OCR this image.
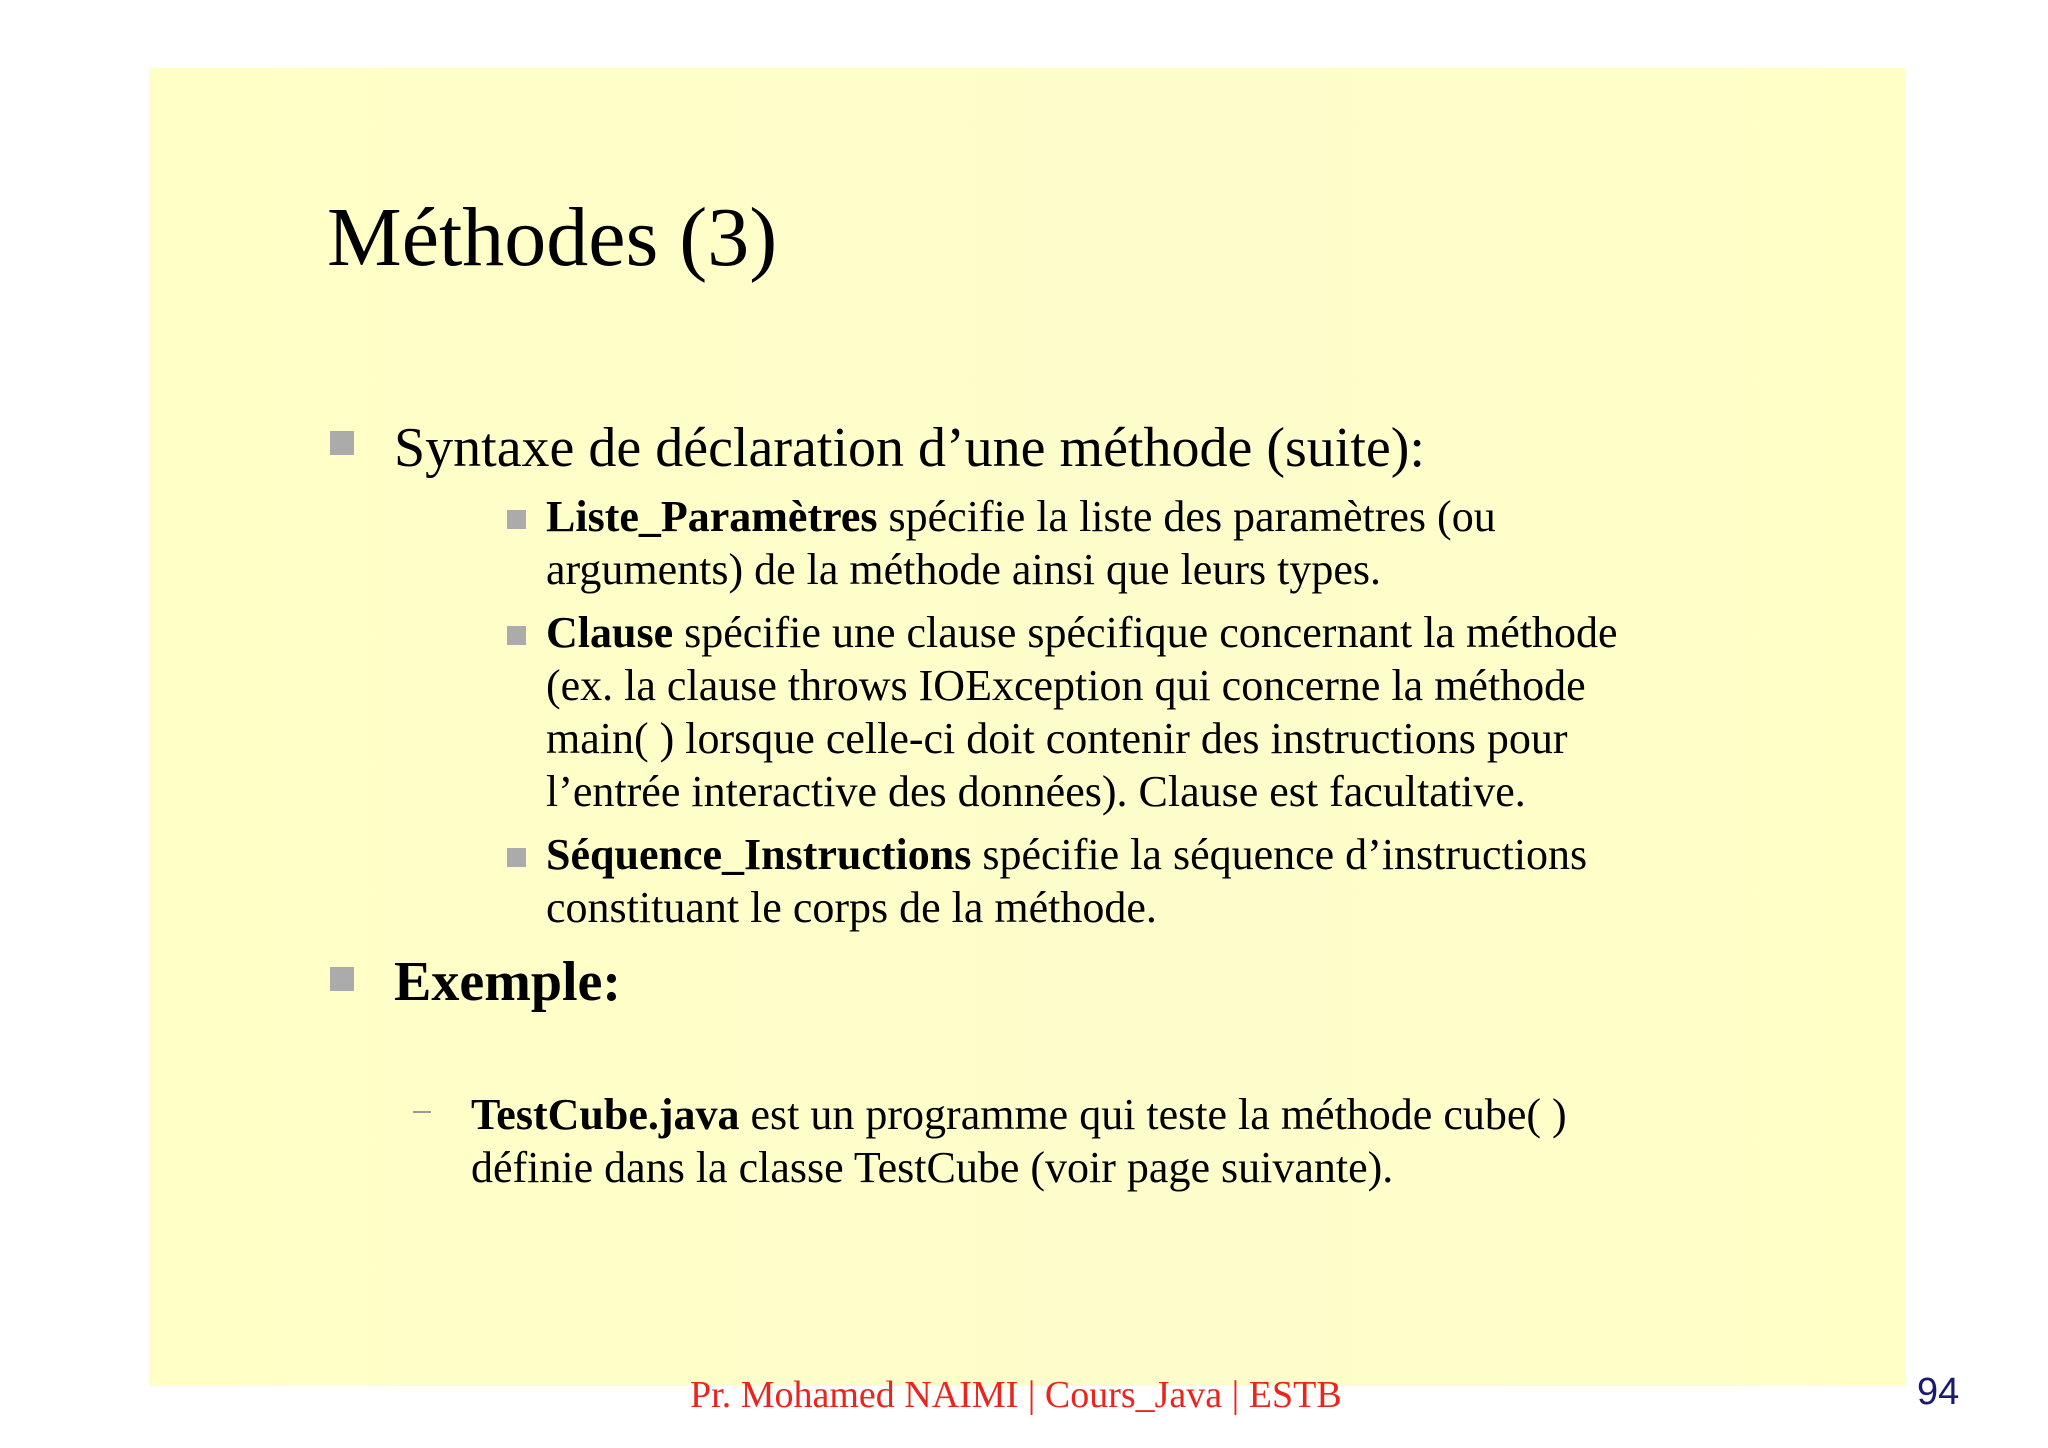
Méthodes (3)
Syntaxe de déclaration d’une méthode (suite):
Liste_Paramètres spécifie la liste des paramètres (ou
arguments) de la méthode ainsi que leurs types.
Clause spécifie une clause spécifique concernant la méthode
(ex. la clause throws IOException qui concerne la méthode
main( ) lorsque celle-ci doit contenir des instructions pour
l’entrée interactive des données). Clause est facultative.
Séquence_Instructions spécifie la séquence d’instructions
constituant le corps de la méthode.
Exemple:
TestCube.java est un programme qui teste la méthode cube( )
définie dans la classe TestCube (voir page suivante).
Pr. Mohamed NAIMI | Cours_Java | ESTB	94
